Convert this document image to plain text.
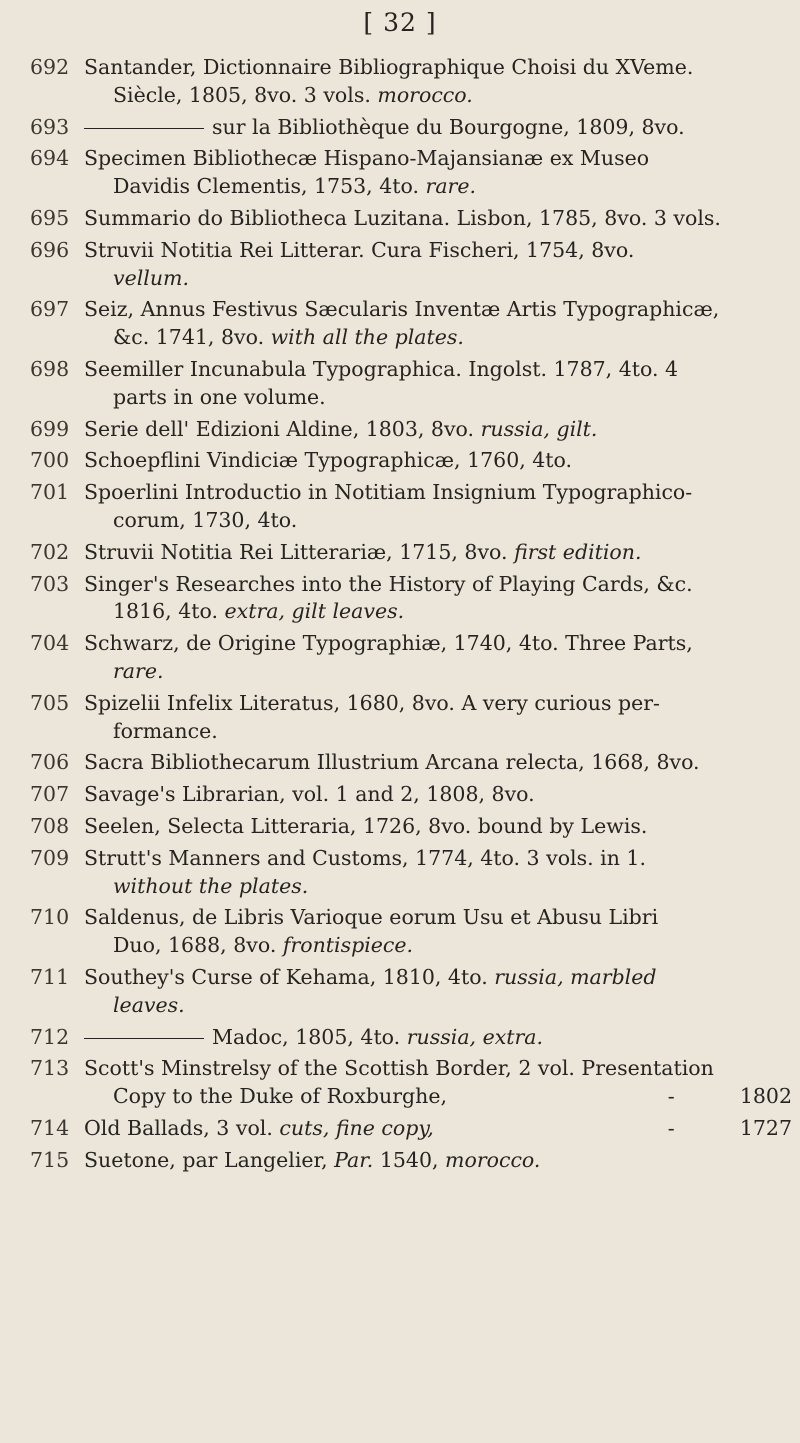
[ 32 ]
692 Santander, Dictionnaire Bibliographique Choisi du XVeme.
Siècle, 1805, 8vo. 3 vols. morocco.
693	sur la Bibliothèque du Bourgogne, 1809, 8vo.
694 Specimen Bibliothecæ Hispano-Majansianæ ex Museo
Davidis Clementis, 1753, 4to. rare.
695 Summario do Bibliotheca Luzitana. Lisbon, 1785, 8vo. 3 vols.
696 Struvii Notitia Rei Litterar. Cura Fischeri, 1754, 8vo.
vellum.
697 Seiz, Annus Festivus Sæcularis Inventæ Artis Typographicæ,
&c. 1741, 8vo. with all the plates.
698 Seemiller Incunabula Typographica. Ingolst. 1787, 4to. 4
parts in one volume.
699 Serie dell' Edizioni Aldine, 1803, 8vo. russia, gilt.
700 Schoepflini Vindiciæ Typographicæ, 1760, 4to.
701 Spoerlini Introductio in Notitiam Insignium Typographico-
corum, 1730, 4to.
702 Struvii Notitia Rei Litterariæ, 1715, 8vo. first edition.
703 Singer's Researches into the History of Playing Cards, &c.
1816, 4to. extra, gilt leaves.
704 Schwarz, de Origine Typographiæ, 1740, 4to. Three Parts,
rare.
705 Spizelii Infelix Literatus, 1680, 8vo. A very curious per-
formance.
706 Sacra Bibliothecarum Illustrium Arcana relecta, 1668, 8vo.
707 Savage's Librarian, vol. 1 and 2, 1808, 8vo.
708 Seelen, Selecta Litteraria, 1726, 8vo. bound by Lewis.
709 Strutt's Manners and Customs, 1774, 4to. 3 vols. in 1.
without the plates.
710 Saldenus, de Libris Varioque eorum Usu et Abusu Libri
Duo, 1688, 8vo. frontispiece.
711 Southey's Curse of Kehama, 1810, 4to. russia, marbled
leaves.
712	Madoc, 1805, 4to. russia, extra.
713 Scott's Minstrelsy of the Scottish Border, 2 vol. Presentation
Copy to the Duke of Roxburghe,	-	1802
714 Old Ballads, 3 vol. cuts, fine copy,	-	1727
715 Suetone, par Langelier, Par. 1540, morocco.
